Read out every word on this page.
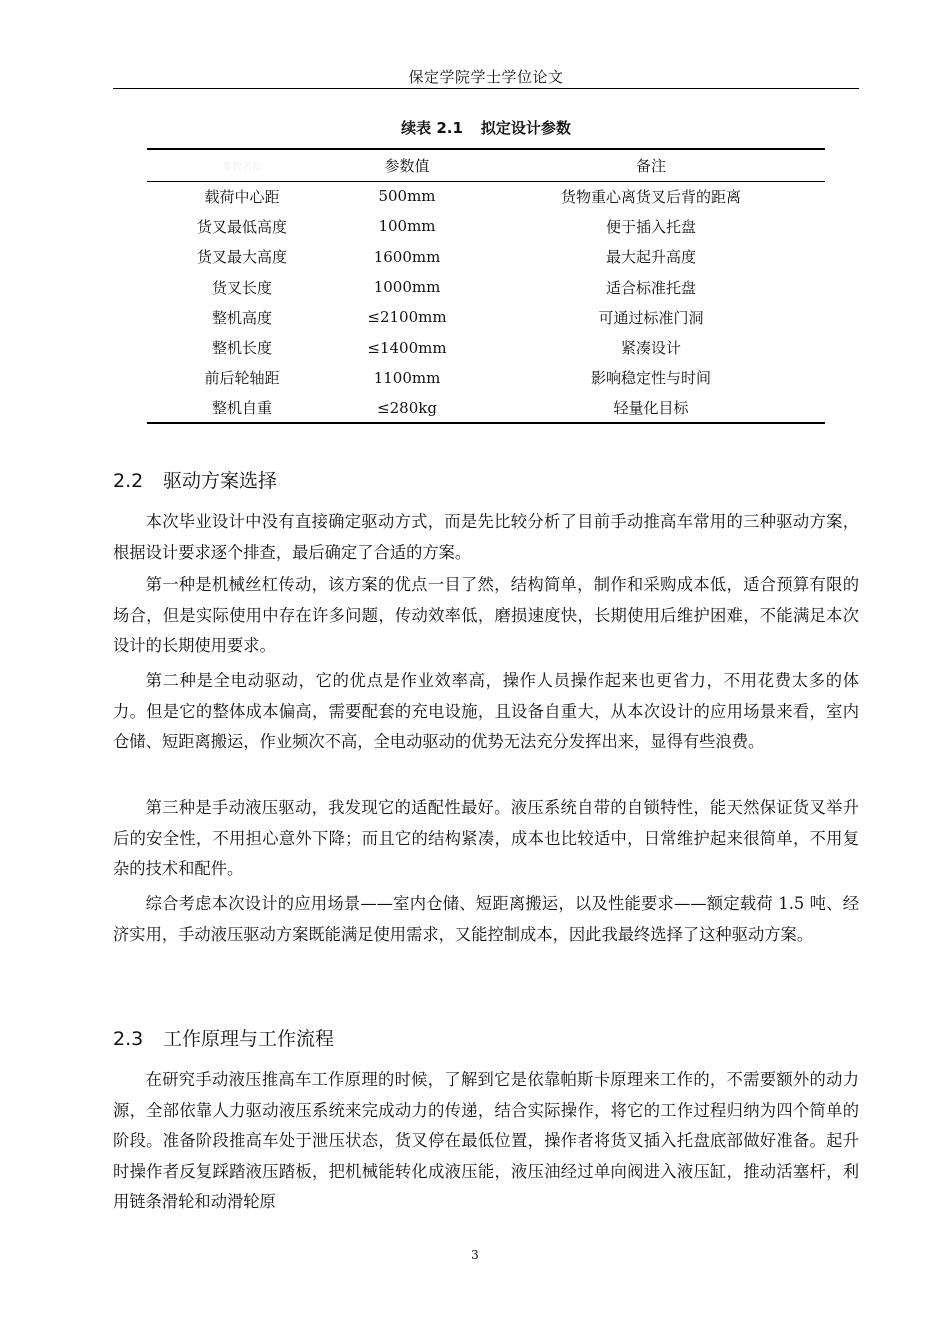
保定学院学士学位论文
续表 2.1 拟定设计参数
参数名称	参数值	备注
载荷中心距	500mm	货物重心离货叉后背的距离
货叉最低高度	100mm	便于插入托盘
货叉最大高度	1600mm	最大起升高度
货叉长度	1000mm	适合标准托盘
整机高度	≤2100mm	可通过标准门洞
整机长度	≤1400mm	紧凑设计
前后轮轴距	1100mm	影响稳定性与时间
整机自重	≤280kg	轻量化目标
2.2 驱动方案选择

本次毕业设计中没有直接确定驱动方式，而是先比较分析了目前手动推高车常用的三种驱动方案，根据设计要求逐个排查，最后确定了合适的方案。

第一种是机械丝杠传动，该方案的优点一目了然，结构简单，制作和采购成本低，适合预算有限的场合，但是实际使用中存在许多问题，传动效率低，磨损速度快，长期使用后维护困难，不能满足本次设计的长期使用要求。

第二种是全电动驱动，它的优点是作业效率高，操作人员操作起来也更省力，不用花费太多的体力。但是它的整体成本偏高，需要配套的充电设施，且设备自重大，从本次设计的应用场景来看，室内仓储、短距离搬运，作业频次不高，全电动驱动的优势无法充分发挥出来，显得有些浪费。

第三种是手动液压驱动，我发现它的适配性最好。液压系统自带的自锁特性，能天然保证货叉举升后的安全性，不用担心意外下降；而且它的结构紧凑，成本也比较适中，日常维护起来很简单，不用复杂的技术和配件。

综合考虑本次设计的应用场景——室内仓储、短距离搬运，以及性能要求——额定载荷 1.5 吨、经济实用，手动液压驱动方案既能满足使用需求，又能控制成本，因此我最终选择了这种驱动方案。

2.3 工作原理与工作流程

在研究手动液压推高车工作原理的时候，了解到它是依靠帕斯卡原理来工作的，不需要额外的动力源，全部依靠人力驱动液压系统来完成动力的传递，结合实际操作，将它的工作过程归纳为四个简单的阶段。准备阶段推高车处于泄压状态，货叉停在最低位置，操作者将货叉插入托盘底部做好准备。起升时操作者反复踩踏液压踏板，把机械能转化成液压能，液压油经过单向阀进入液压缸，推动活塞杆，利用链条滑轮和动滑轮原

3
